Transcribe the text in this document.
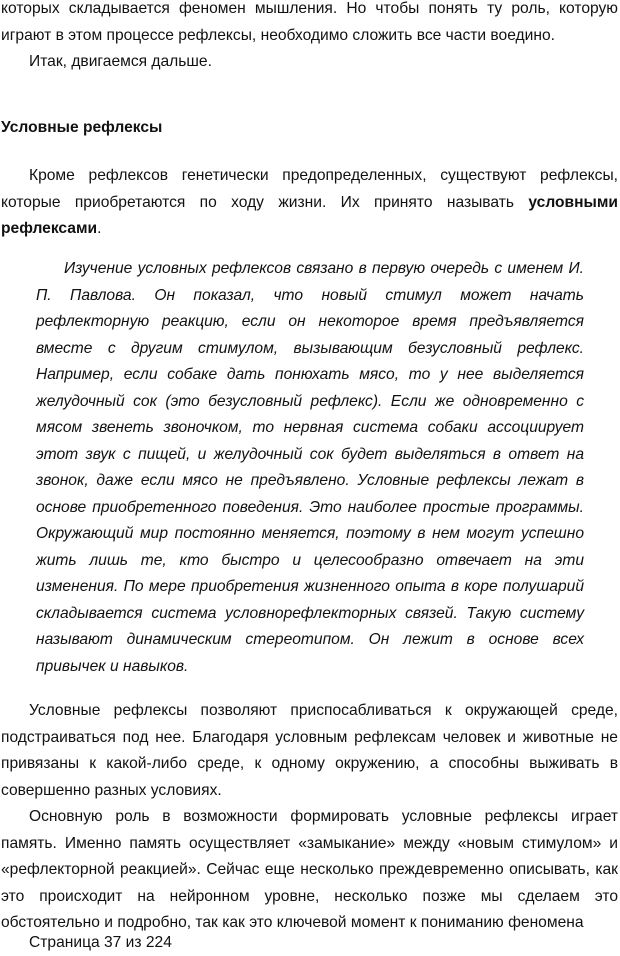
которых складывается феномен мышления. Но чтобы понять ту роль, которую играют в этом процессе рефлексы, необходимо сложить все части воедино.

Итак, двигаемся дальше.

Условные рефлексы

Кроме рефлексов генетически предопределенных, существуют рефлексы, которые приобретаются по ходу жизни. Их принято называть условными рефлексами.

Изучение условных рефлексов связано в первую очередь с именем И. П. Павлова. Он показал, что новый стимул может начать рефлекторную реакцию, если он некоторое время предъявляется вместе с другим стимулом, вызывающим безусловный рефлекс. Например, если собаке дать понюхать мясо, то у нее выделяется желудочный сок (это безусловный рефлекс). Если же одновременно с мясом звенеть звоночком, то нервная система собаки ассоциирует этот звук с пищей, и желудочный сок будет выделяться в ответ на звонок, даже если мясо не предъявлено. Условные рефлексы лежат в основе приобретенного поведения. Это наиболее простые программы. Окружающий мир постоянно меняется, поэтому в нем могут успешно жить лишь те, кто быстро и целесообразно отвечает на эти изменения. По мере приобретения жизненного опыта в коре полушарий складывается система условнорефлекторных связей. Такую систему называют динамическим стереотипом. Он лежит в основе всех привычек и навыков.

Условные рефлексы позволяют приспосабливаться к окружающей среде, подстраиваться под нее. Благодаря условным рефлексам человек и животные не привязаны к какой-либо среде, к одному окружению, а способны выживать в совершенно разных условиях.

Основную роль в возможности формировать условные рефлексы играет память. Именно память осуществляет «замыкание» между «новым стимулом» и «рефлекторной реакцией». Сейчас еще несколько преждевременно описывать, как это происходит на нейронном уровне, несколько позже мы сделаем это обстоятельно и подробно, так как это ключевой момент к пониманию феномена

Страница 37 из 224
